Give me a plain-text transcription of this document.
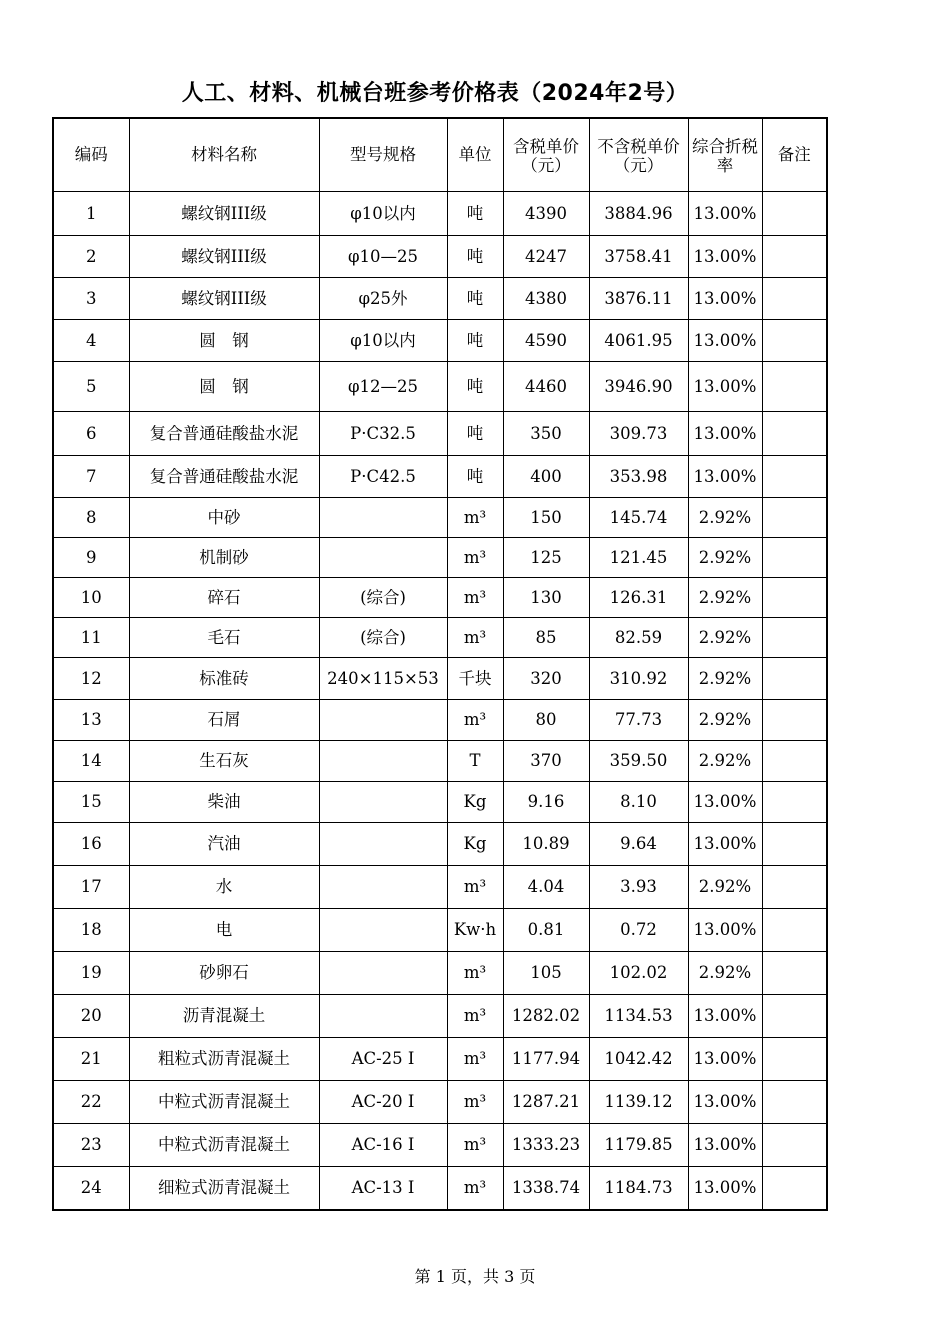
人工、材料、机械台班参考价格表（2024年2号）
编码	材料名称	型号规格	单位	含税单价（元）	不含税单价（元）	综合折税率	备注
1	螺纹钢III级	φ10以内	吨	4390	3884.96	13.00%	
2	螺纹钢III级	φ10—25	吨	4247	3758.41	13.00%	
3	螺纹钢III级	φ25外	吨	4380	3876.11	13.00%	
4	圆　钢	φ10以内	吨	4590	4061.95	13.00%	
5	圆　钢	φ12—25	吨	4460	3946.90	13.00%	
6	复合普通硅酸盐水泥	P·C32.5	吨	350	309.73	13.00%	
7	复合普通硅酸盐水泥	P·C42.5	吨	400	353.98	13.00%	
8	中砂		m³	150	145.74	2.92%	
9	机制砂		m³	125	121.45	2.92%	
10	碎石	(综合)	m³	130	126.31	2.92%	
11	毛石	(综合)	m³	85	82.59	2.92%	
12	标准砖	240×115×53	千块	320	310.92	2.92%	
13	石屑		m³	80	77.73	2.92%	
14	生石灰		T	370	359.50	2.92%	
15	柴油		Kg	9.16	8.10	13.00%	
16	汽油		Kg	10.89	9.64	13.00%	
17	水		m³	4.04	3.93	2.92%	
18	电		Kw·h	0.81	0.72	13.00%	
19	砂卵石		m³	105	102.02	2.92%	
20	沥青混凝土		m³	1282.02	1134.53	13.00%	
21	粗粒式沥青混凝土	AC-25 I	m³	1177.94	1042.42	13.00%	
22	中粒式沥青混凝土	AC-20 I	m³	1287.21	1139.12	13.00%	
23	中粒式沥青混凝土	AC-16 I	m³	1333.23	1179.85	13.00%	
24	细粒式沥青混凝土	AC-13 I	m³	1338.74	1184.73	13.00%	
第 1 页，共 3 页
